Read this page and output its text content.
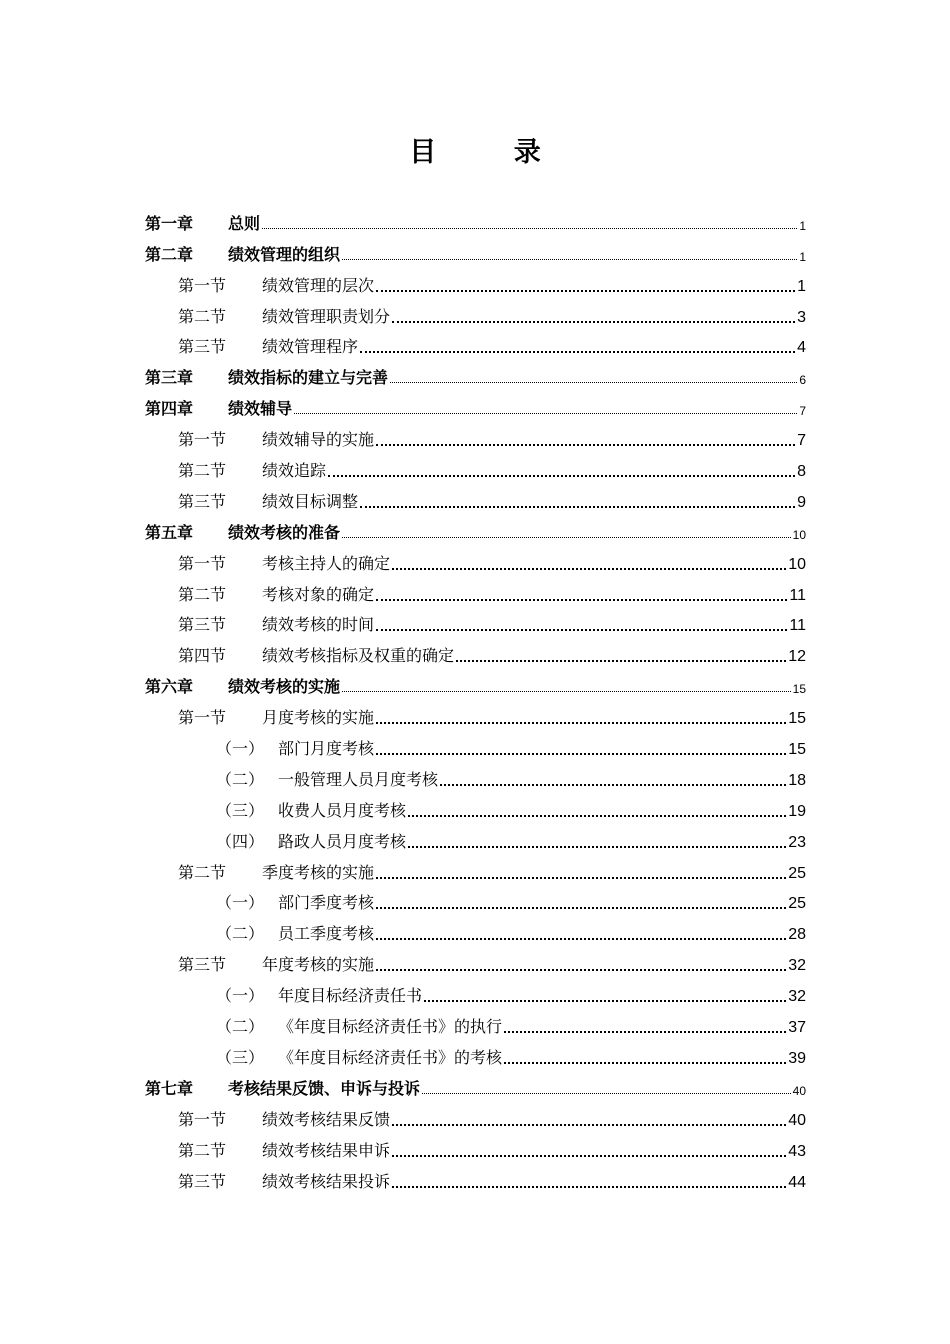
目 录
第一章	总则	1
第二章	绩效管理的组织	1
第一节	绩效管理的层次	1
第二节	绩效管理职责划分	3
第三节	绩效管理程序	4
第三章	绩效指标的建立与完善	6
第四章	绩效辅导	7
第一节	绩效辅导的实施	7
第二节	绩效追踪	8
第三节	绩效目标调整	9
第五章	绩效考核的准备	10
第一节	考核主持人的确定	10
第二节	考核对象的确定	11
第三节	绩效考核的时间	11
第四节	绩效考核指标及权重的确定	12
第六章	绩效考核的实施	15
第一节	月度考核的实施	15
（一） 部门月度考核	15
（二） 一般管理人员月度考核	18
（三） 收费人员月度考核	19
（四） 路政人员月度考核	23
第二节	季度考核的实施	25
（一） 部门季度考核	25
（二） 员工季度考核	28
第三节	年度考核的实施	32
（一） 年度目标经济责任书	32
（二） 《年度目标经济责任书》的执行	37
（三） 《年度目标经济责任书》的考核	39
第七章	考核结果反馈、申诉与投诉	40
第一节	绩效考核结果反馈	40
第二节	绩效考核结果申诉	43
第三节	绩效考核结果投诉	44
